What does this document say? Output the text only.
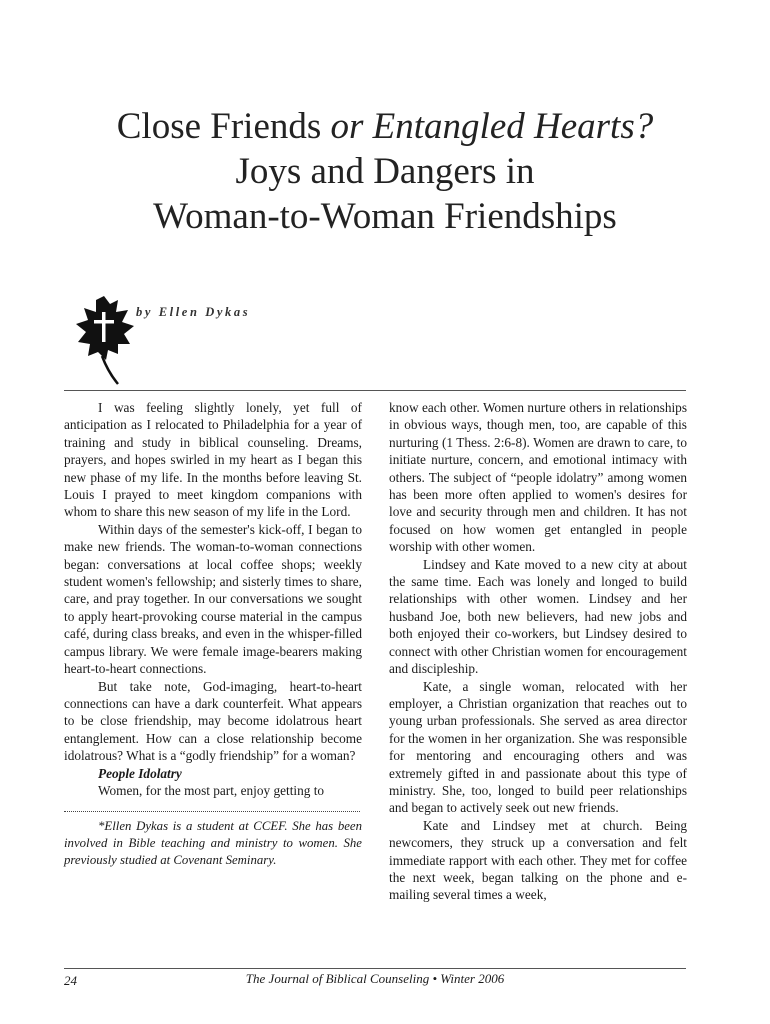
Close Friends or Entangled Hearts?
Joys and Dangers in
Woman-to-Woman Friendships
by Ellen Dykas

I was feeling slightly lonely, yet full of anticipation as I relocated to Philadelphia for a year of training and study in biblical counseling. Dreams, prayers, and hopes swirled in my heart as I began this new phase of my life. In the months before leaving St. Louis I prayed to meet kingdom companions with whom to share this new season of my life in the Lord.

Within days of the semester's kick-off, I began to make new friends. The woman-to-woman connections began: conversations at local coffee shops; weekly student women's fellowship; and sisterly times to share, care, and pray together. In our conversations we sought to apply heart-provoking course material in the campus café, during class breaks, and even in the whisper-filled campus library. We were female image-bearers making heart-to-heart connections.

But take note, God-imaging, heart-to-heart connections can have a dark counterfeit. What appears to be close friendship, may become idolatrous heart entanglement. How can a close relationship become idolatrous? What is a “godly friendship” for a woman?

People Idolatry

Women, for the most part, enjoy getting to

*Ellen Dykas is a student at CCEF. She has been involved in Bible teaching and ministry to women. She previously studied at Covenant Seminary.

know each other. Women nurture others in relationships in obvious ways, though men, too, are capable of this nurturing (1 Thess. 2:6-8). Women are drawn to care, to initiate nurture, concern, and emotional intimacy with others. The subject of “people idolatry” among women has been more often applied to women's desires for love and security through men and children. It has not focused on how women get entangled in people worship with other women.

Lindsey and Kate moved to a new city at about the same time. Each was lonely and longed to build relationships with other women. Lindsey and her husband Joe, both new believers, had new jobs and both enjoyed their co-workers, but Lindsey desired to connect with other Christian women for encouragement and discipleship.

Kate, a single woman, relocated with her employer, a Christian organization that reaches out to young urban professionals. She served as area director for the women in her organization. She was responsible for mentoring and encouraging others and was extremely gifted in and passionate about this type of ministry. She, too, longed to build peer relationships and began to actively seek out new friends.

Kate and Lindsey met at church. Being newcomers, they struck up a conversation and felt immediate rapport with each other. They met for coffee the next week, began talking on the phone and e-mailing several times a week,

24	The Journal of Biblical Counseling • Winter 2006
